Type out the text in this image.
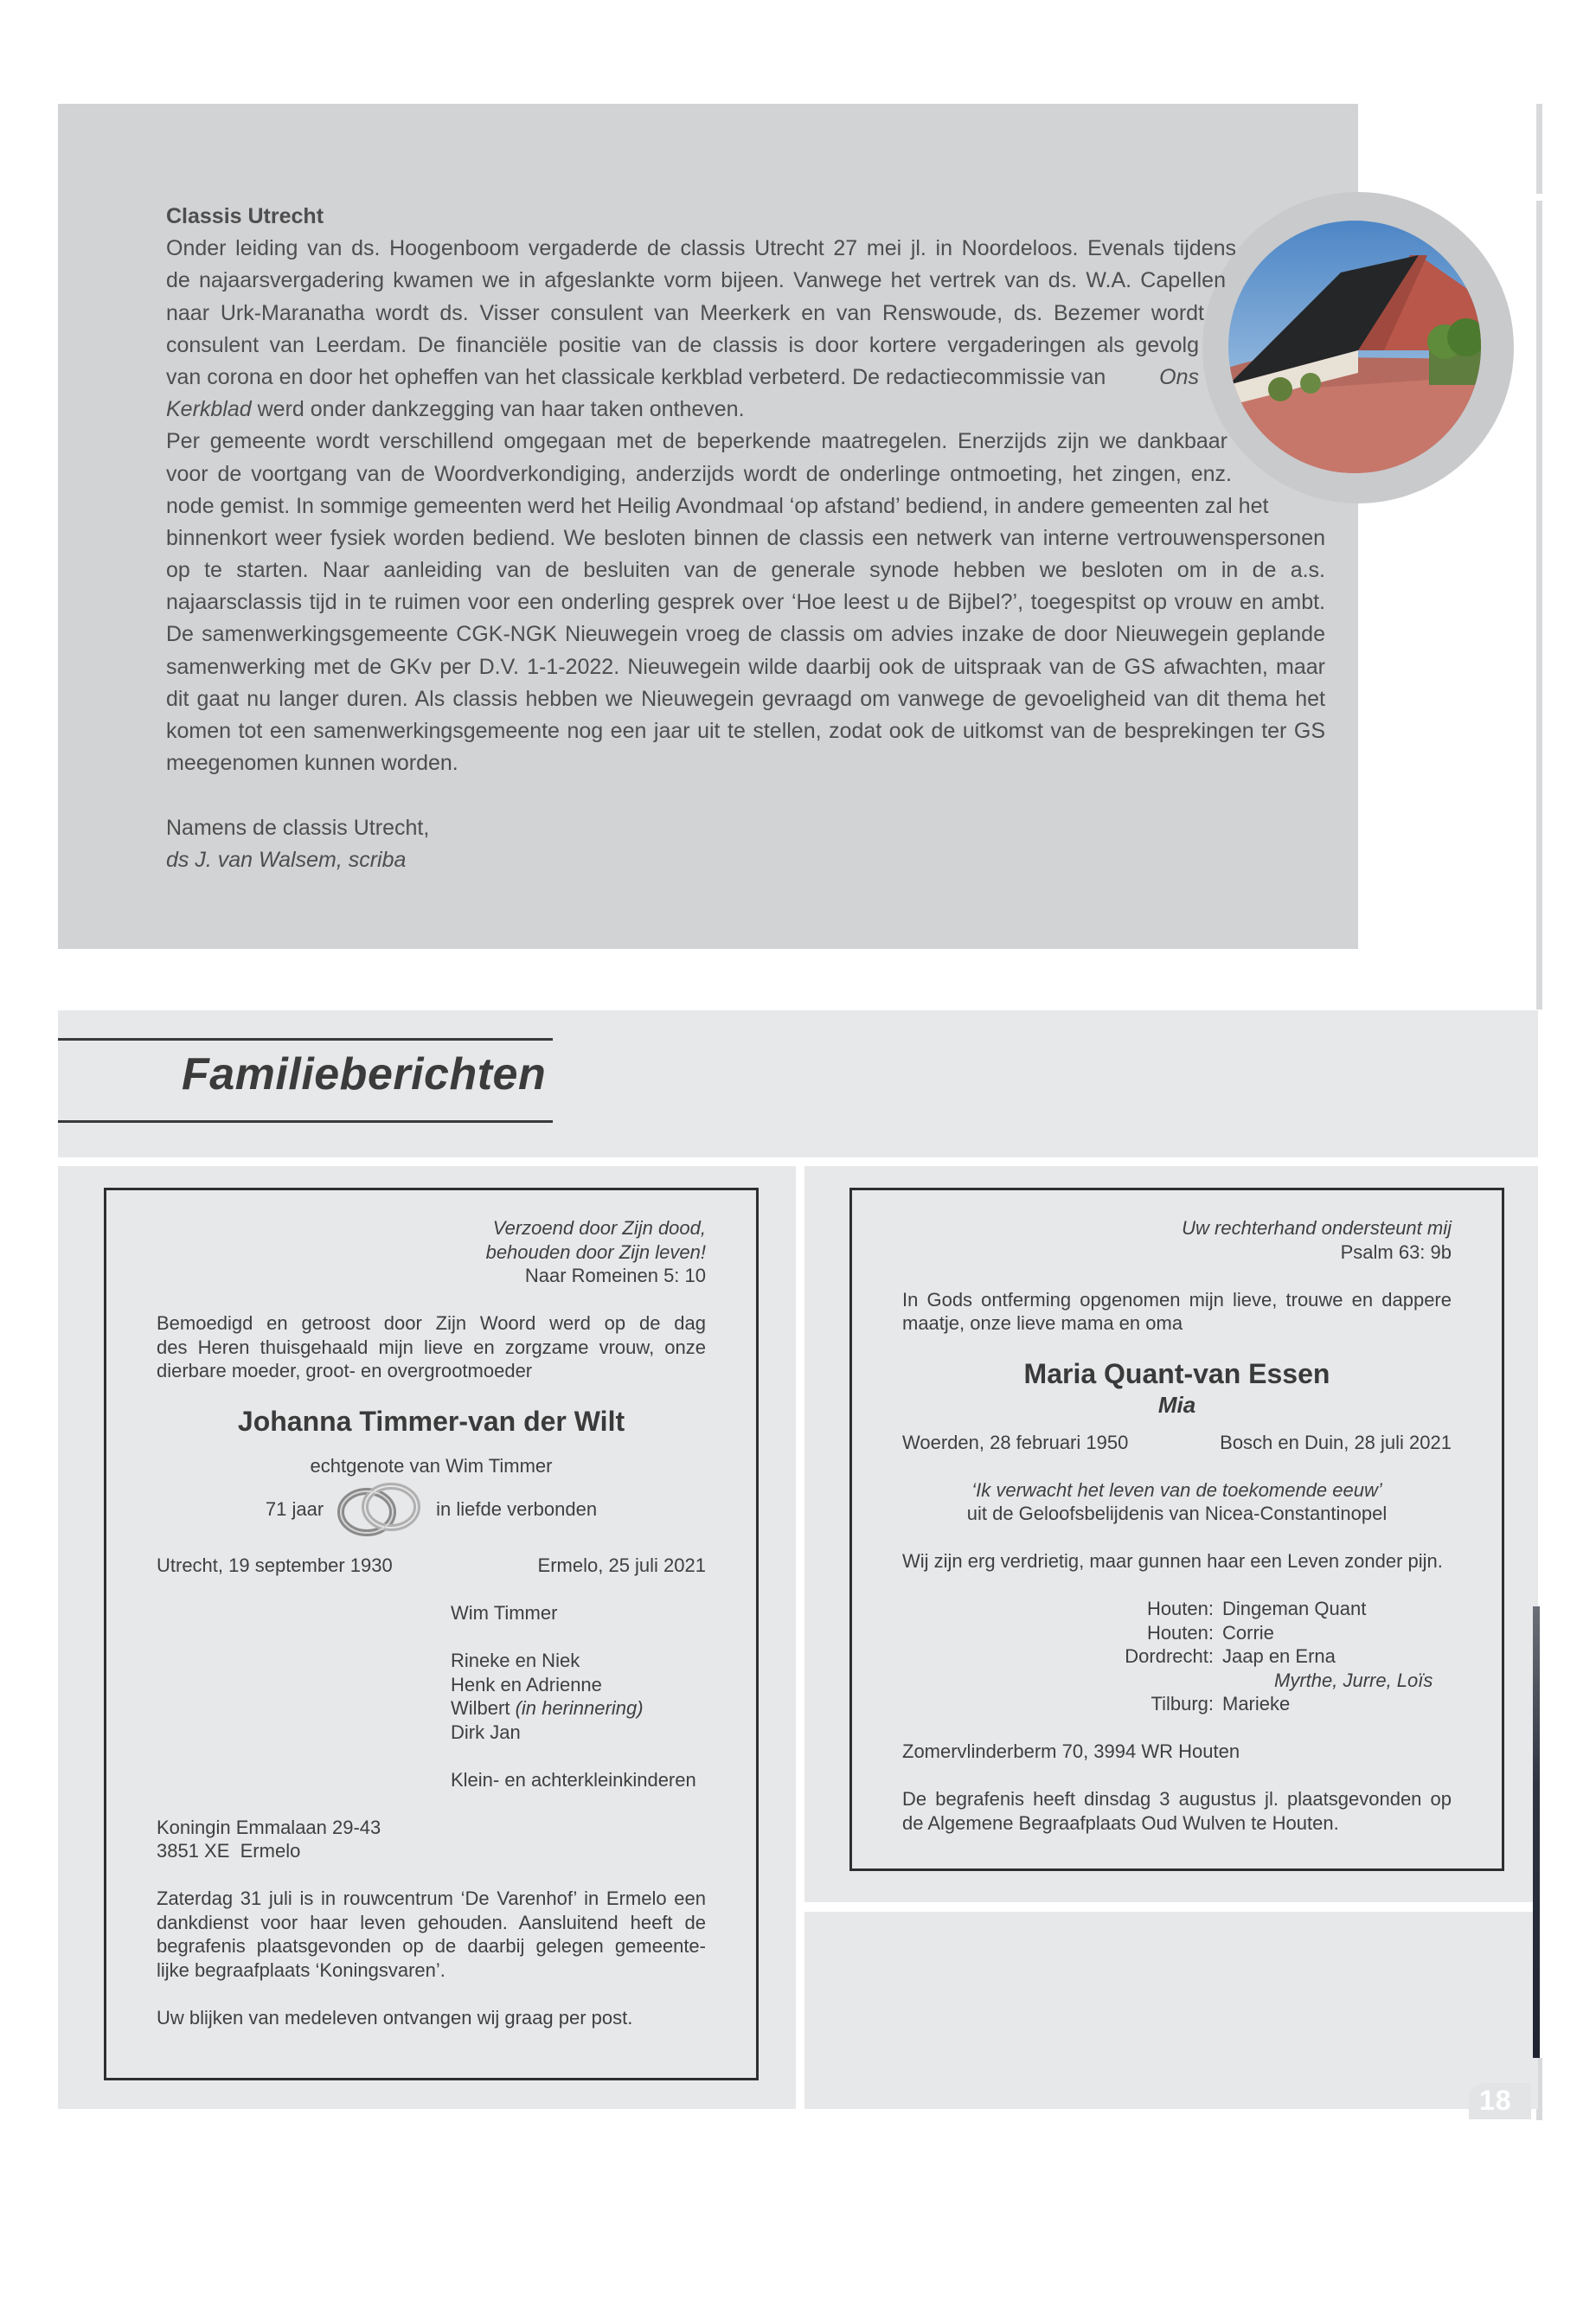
Classis Utrecht
Onder leiding van ds. Hoogenboom vergaderde de classis Utrecht 27 mei jl. in Noordeloos. Evenals tijdens
de najaarsvergadering kwamen we in afgeslankte vorm bijeen. Vanwege het vertrek van ds. W.A. Capellen
naar Urk-Maranatha wordt ds. Visser consulent van Meerkerk en van Renswoude, ds. Bezemer wordt
consulent van Leerdam. De financiële positie van de classis is door kortere vergaderingen als gevolg
van corona en door het opheffen van het classicale kerkblad verbeterd. De redactiecommissie van Ons
Kerkblad werd onder dankzegging van haar taken ontheven.
Per gemeente wordt verschillend omgegaan met de beperkende maatregelen. Enerzijds zijn we dankbaar
voor de voortgang van de Woordverkondiging, anderzijds wordt de onderlinge ontmoeting, het zingen, enz.
node gemist. In sommige gemeenten werd het Heilig Avondmaal ‘op afstand’ bediend, in andere gemeenten zal het
binnenkort weer fysiek worden bediend. We besloten binnen de classis een netwerk van interne vertrouwenspersonen
op te starten. Naar aanleiding van de besluiten van de generale synode hebben we besloten om in de a.s.
najaarsclassis tijd in te ruimen voor een onderling gesprek over ‘Hoe leest u de Bijbel?’, toegespitst op vrouw en ambt.
De samenwerkingsgemeente CGK-NGK Nieuwegein vroeg de classis om advies inzake de door Nieuwegein geplande
samenwerking met de GKv per D.V. 1-1-2022. Nieuwegein wilde daarbij ook de uitspraak van de GS afwachten, maar
dit gaat nu langer duren. Als classis hebben we Nieuwegein gevraagd om vanwege de gevoeligheid van dit thema het
komen tot een samenwerkingsgemeente nog een jaar uit te stellen, zodat ook de uitkomst van de besprekingen ter GS
meegenomen kunnen worden.
Namens de classis Utrecht,
ds J. van Walsem, scriba
Familieberichten
Verzoend door Zijn dood,
behouden door Zijn leven!
Naar Romeinen 5: 10
Bemoedigd en getroost door Zijn Woord werd op de dag
des Heren thuisgehaald mijn lieve en zorgzame vrouw, onze
dierbare moeder, groot- en overgrootmoeder
Johanna Timmer-van der Wilt
echtgenote van Wim Timmer
71 jaar	in liefde verbonden
Utrecht, 19 september 1930	Ermelo, 25 juli 2021
Wim Timmer
Rineke en Niek
Henk en Adrienne
Wilbert (in herinnering)
Dirk Jan
Klein- en achterkleinkinderen
Koningin Emmalaan 29-43
3851 XE  Ermelo
Zaterdag 31 juli is in rouwcentrum ‘De Varenhof’ in Ermelo een
dankdienst voor haar leven gehouden. Aansluitend heeft de
begrafenis plaatsgevonden op de daarbij gelegen gemeente-
lijke begraafplaats ‘Koningsvaren’.
Uw blijken van medeleven ontvangen wij graag per post.
Uw rechterhand ondersteunt mij
Psalm 63: 9b
In Gods ontferming opgenomen mijn lieve, trouwe en dappere
maatje, onze lieve mama en oma
Maria Quant-van Essen
Mia
Woerden, 28 februari 1950	Bosch en Duin, 28 juli 2021
‘Ik verwacht het leven van de toekomende eeuw’
uit de Geloofsbelijdenis van Nicea-Constantinopel
Wij zijn erg verdrietig, maar gunnen haar een Leven zonder pijn.
Houten: Dingeman Quant
Houten: Corrie
Dordrecht: Jaap en Erna
Myrthe, Jurre, Loïs
Tilburg: Marieke
Zomervlinderberm 70, 3994 WR Houten
De begrafenis heeft dinsdag 3 augustus jl. plaatsgevonden op
de Algemene Begraafplaats Oud Wulven te Houten.
18
